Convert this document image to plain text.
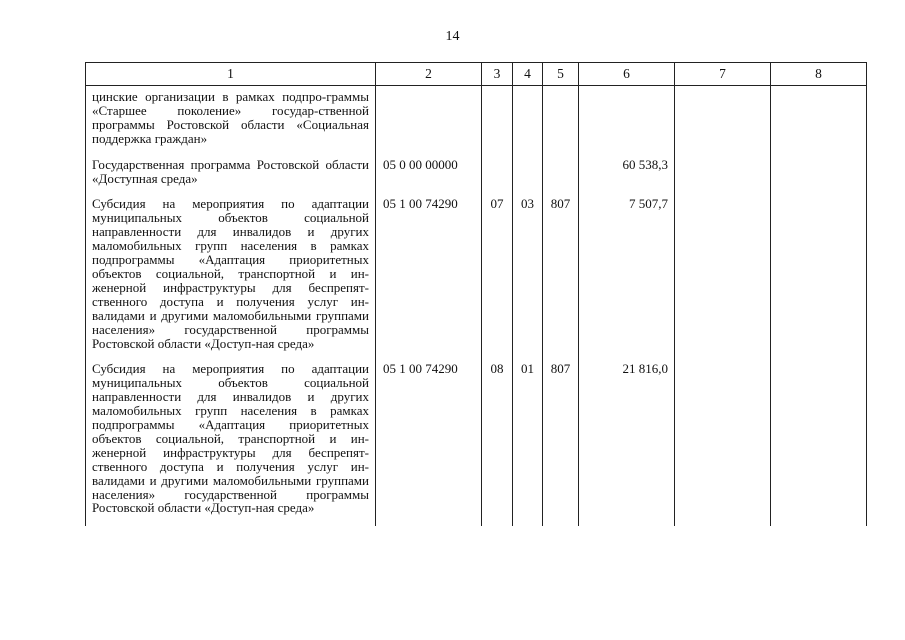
14
1	2	3	4	5	6	7	8
цинские организации в рамках подпро-граммы «Старшее поколение» государ-ственной программы Ростовской области «Социальная поддержка граждан»							
Государственная программа Ростовской области «Доступная среда»	05 0 00 00000				60 538,3		
Субсидия на мероприятия по адаптации муниципальных объектов социальной направленности для инвалидов и других маломобильных групп населения в рамках подпрограммы «Адаптация приоритетных объектов социальной, транспортной и ин-женерной инфраструктуры для беспрепят-ственного доступа и получения услуг ин-валидами и другими маломобильными группами населения» государственной программы Ростовской области «Доступ-ная среда»	05 1 00 74290	07	03	807	7 507,7		
Субсидия на мероприятия по адаптации муниципальных объектов социальной направленности для инвалидов и других маломобильных групп населения в рамках подпрограммы «Адаптация приоритетных объектов социальной, транспортной и ин-женерной инфраструктуры для беспрепят-ственного доступа и получения услуг ин-валидами и другими маломобильными группами населения» государственной программы Ростовской области «Доступ-ная среда»	05 1 00 74290	08	01	807	21 816,0		
